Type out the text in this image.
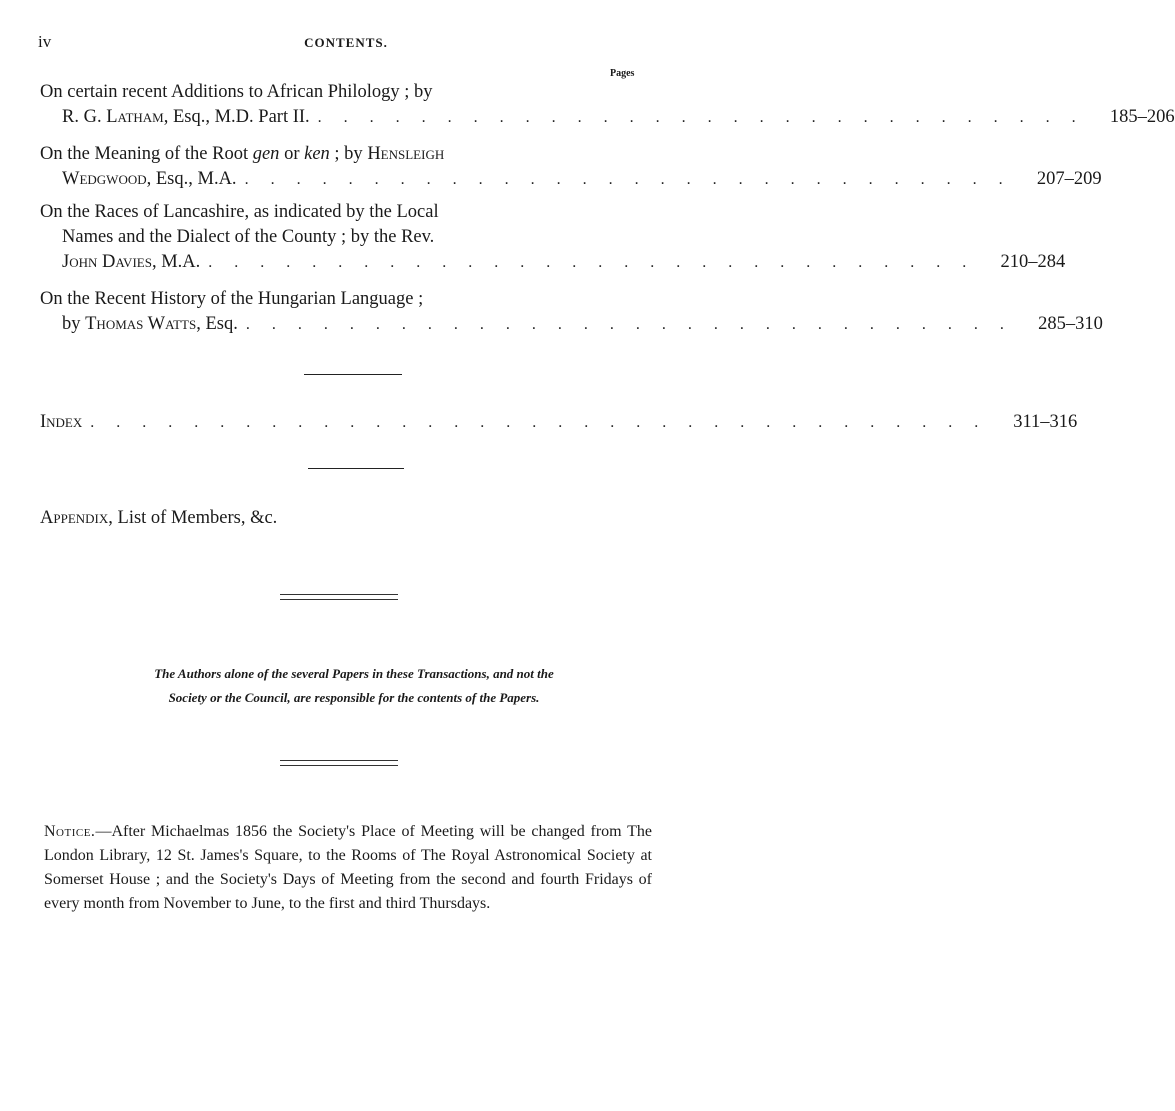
iv	CONTENTS.
Pages
On certain recent Additions to African Philology ; by
R. G. Latham, Esq., M.D. Part II. . . . . . . . . . . . . . . . . . . . . . . . . . . . . . .	185–206
On the Meaning of the Root gen or ken ; by Hensleigh
Wedgwood, Esq., M.A. . . . . . . . . . . . . . . . . . . . . . . . . . . . . . .	207–209
On the Races of Lancashire, as indicated by the Local
Names and the Dialect of the County ; by the Rev.
John Davies, M.A. . . . . . . . . . . . . . . . . . . . . . . . . . . . . . .	210–284
On the Recent History of the Hungarian Language ;
by Thomas Watts, Esq. . . . . . . . . . . . . . . . . . . . . . . . . . . . . . .	285–310
Index . . . . . . . . . . . . . . . . . . . . . . . . . . . . . . . . . . .	311–316
Appendix, List of Members, &c.
The Authors alone of the several Papers in these Transactions, and not the
Society or the Council, are responsible for the contents of the Papers.
Notice.—After Michaelmas 1856 the Society's Place of Meeting will be changed from The London Library, 12 St. James's Square, to the Rooms of The Royal Astronomical Society at Somerset House ; and the Society's Days of Meeting from the second and fourth Fridays of every month from November to June, to the first and third Thursdays.
